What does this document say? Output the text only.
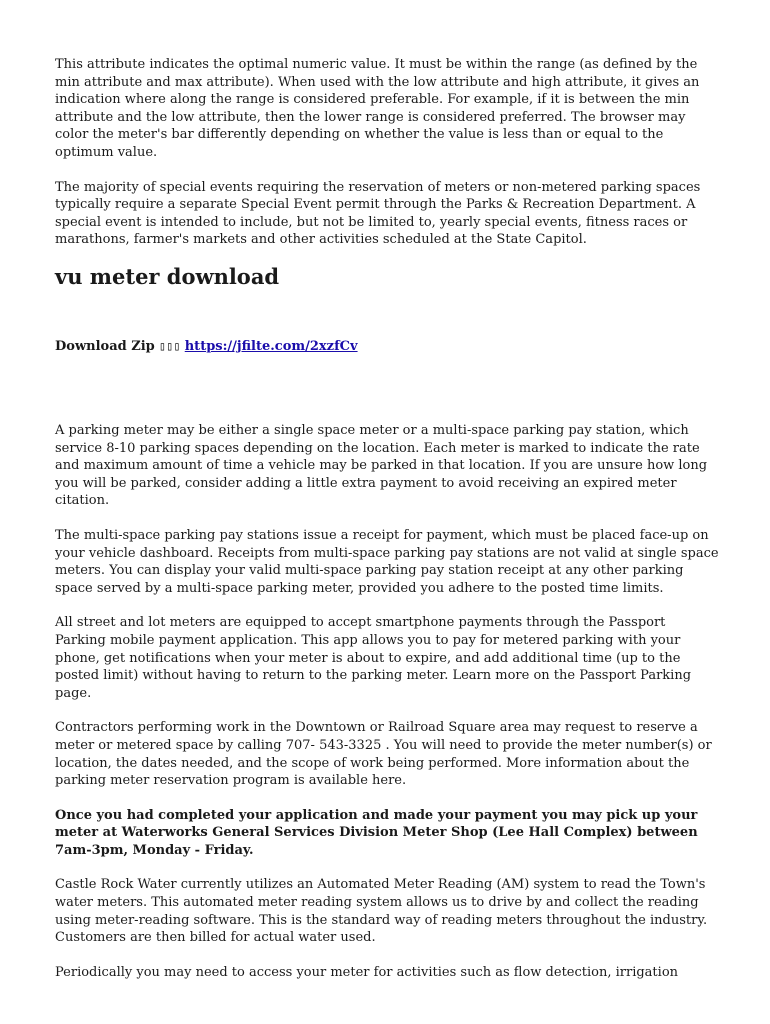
This attribute indicates the optimal numeric value. It must be within the range (as defined by the min attribute and max attribute). When used with the low attribute and high attribute, it gives an indication where along the range is considered preferable. For example, if it is between the min attribute and the low attribute, then the lower range is considered preferred. The browser may color the meter's bar differently depending on whether the value is less than or equal to the optimum value.

The majority of special events requiring the reservation of meters or non-metered parking spaces typically require a separate Special Event permit through the Parks & Recreation Department. A special event is intended to include, but not be limited to, yearly special events, fitness races or marathons, farmer's markets and other activities scheduled at the State Capitol.

vu meter download

Download Zip ▯▯▯ https://jfilte.com/2xzfCv

A parking meter may be either a single space meter or a multi-space parking pay station, which service 8-10 parking spaces depending on the location. Each meter is marked to indicate the rate and maximum amount of time a vehicle may be parked in that location. If you are unsure how long you will be parked, consider adding a little extra payment to avoid receiving an expired meter citation.

The multi-space parking pay stations issue a receipt for payment, which must be placed face-up on your vehicle dashboard. Receipts from multi-space parking pay stations are not valid at single space meters. You can display your valid multi-space parking pay station receipt at any other parking space served by a multi-space parking meter, provided you adhere to the posted time limits.

All street and lot meters are equipped to accept smartphone payments through the Passport Parking mobile payment application. This app allows you to pay for metered parking with your phone, get notifications when your meter is about to expire, and add additional time (up to the posted limit) without having to return to the parking meter. Learn more on the Passport Parking page.

Contractors performing work in the Downtown or Railroad Square area may request to reserve a meter or metered space by calling 707- 543-3325 . You will need to provide the meter number(s) or location, the dates needed, and the scope of work being performed. More information about the parking meter reservation program is available here.

Once you had completed your application and made your payment you may pick up your meter at Waterworks General Services Division Meter Shop (Lee Hall Complex) between 7am-3pm, Monday - Friday.

Castle Rock Water currently utilizes an Automated Meter Reading (AM) system to read the Town's water meters. This automated meter reading system allows us to drive by and collect the reading using meter-reading software. This is the standard way of reading meters throughout the industry. Customers are then billed for actual water used.

Periodically you may need to access your meter for activities such as flow detection, irrigation
